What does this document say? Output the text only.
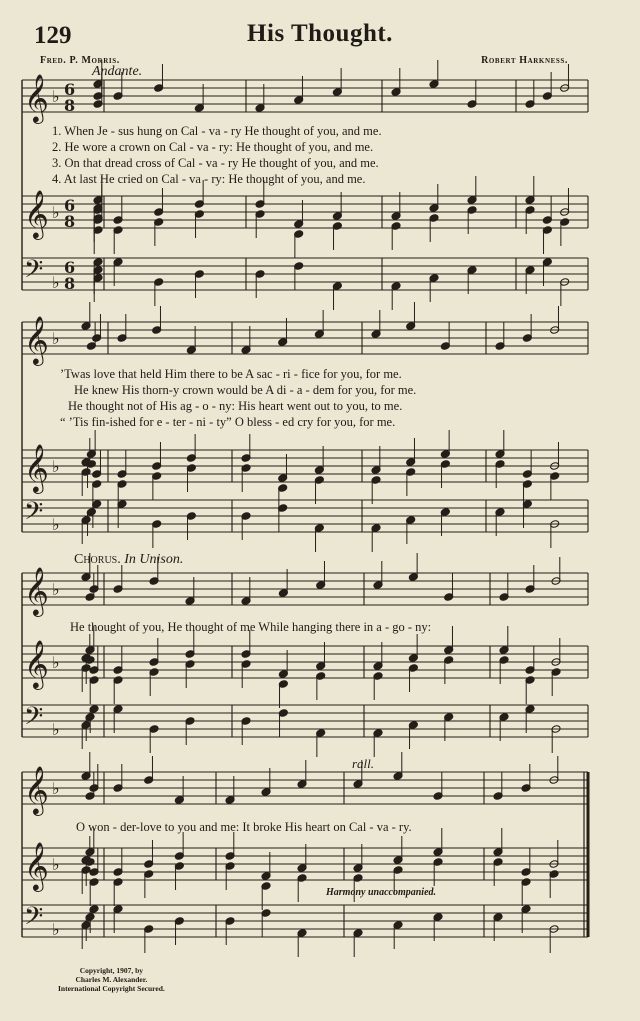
𝄞 ♭ 6
8
𝄞 ♭ 6
8
𝄢 ♭
6
8
𝄞 ♭
𝄞 ♭
𝄢 ♭
𝄞 ♭
𝄞 ♭
𝄢 ♭
𝄞 ♭
𝄞 ♭
𝄢 ♭
129	His Thought.
Fred. P. Morris.	Robert Harkness.
Andante.
1. When Je - sus hung on Cal - va - ry He thought of you, and me.
2. He wore a crown on Cal - va - ry: He thought of you, and me.
3. On that dread cross of Cal - va - ry He thought of you, and me.
4. At last He cried on Cal - va - ry: He thought of you, and me.
’Twas love that held Him there to be A sac - ri - fice for you, for me.
He knew His thorn-y crown would be A di - a - dem for you, for me.
He thought not of His ag - o - ny: His heart went out to you, to me.
“ ’Tis fin-ished for e - ter - ni - ty” O bless - ed cry for you, for me.
Chorus. In Unison.
He thought of you, He thought of me While hanging there in a - go - ny:
rall.
O won - der-love to you and me: It broke His heart on Cal - va - ry.
Harmony unaccompanied.
Copyright, 1907, by
Charles M. Alexander.
International Copyright Secured.
